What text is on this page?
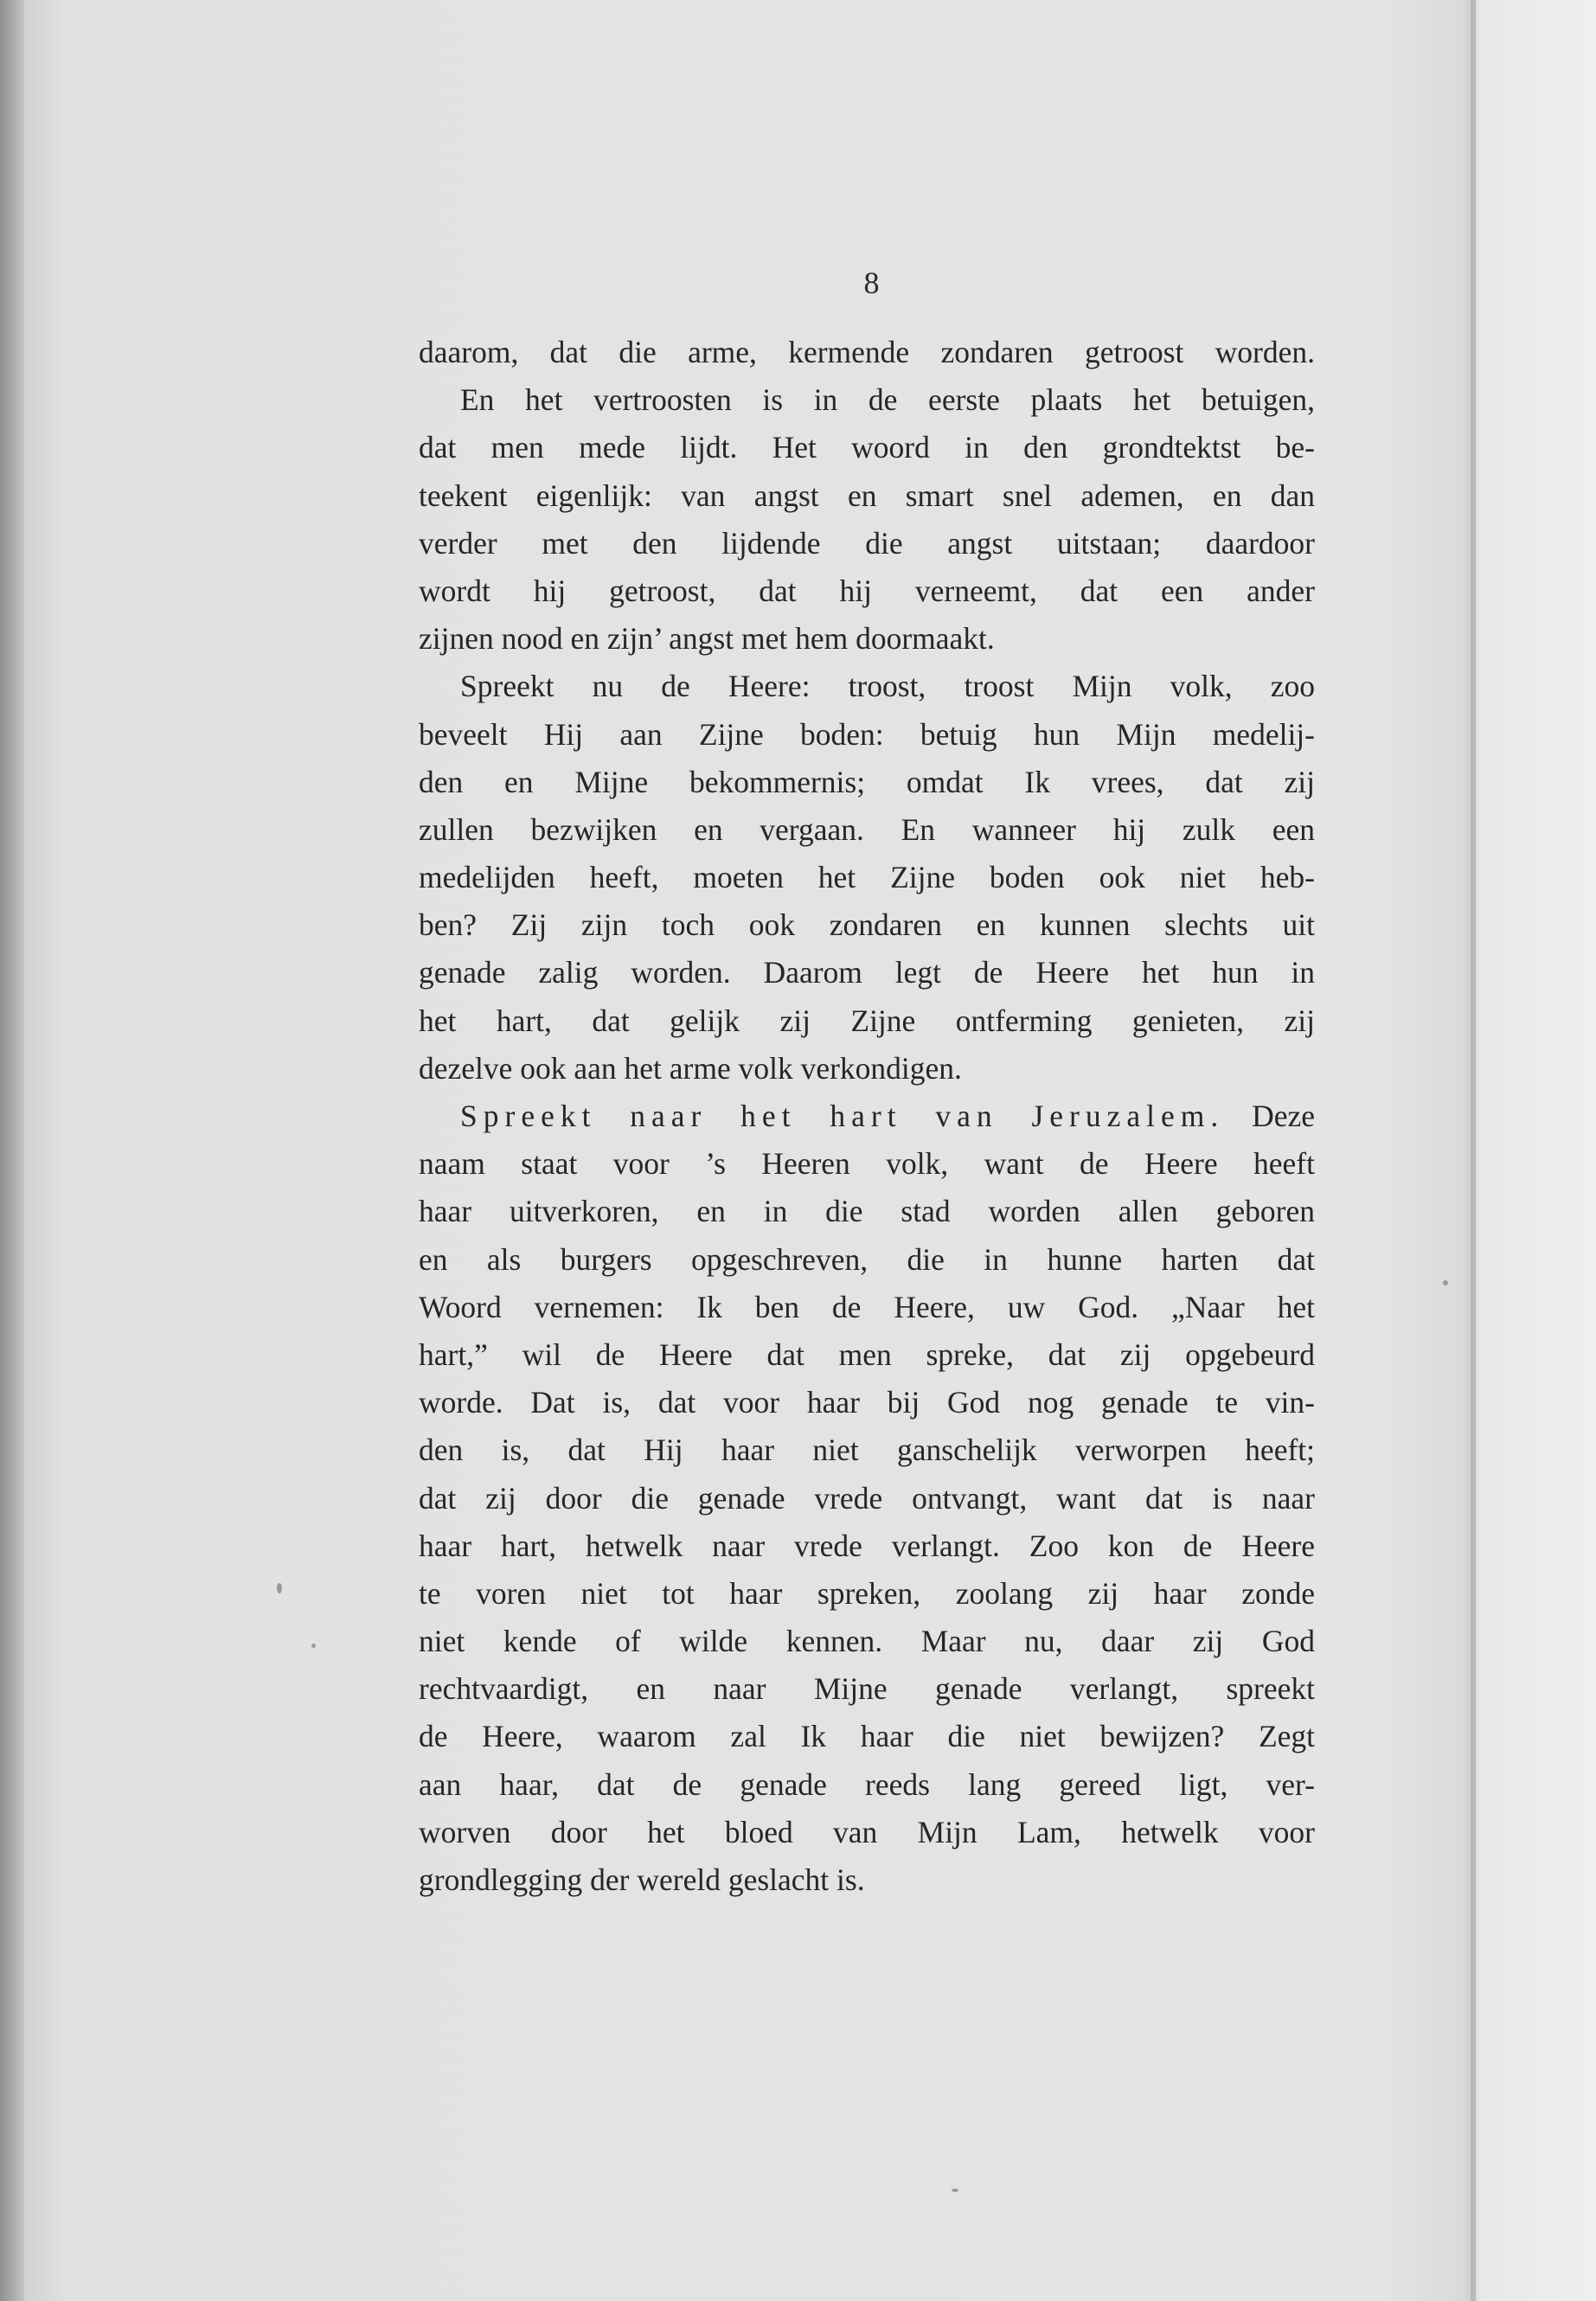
8
daarom, dat die arme, kermende zondaren getroost worden.
En het vertroosten is in de eerste plaats het betuigen,
dat men mede lijdt. Het woord in den grondtektst be-
teekent eigenlijk: van angst en smart snel ademen, en dan
verder met den lijdende die angst uitstaan; daardoor
wordt hij getroost, dat hij verneemt, dat een ander
zijnen nood en zijn’ angst met hem doormaakt.
Spreekt nu de Heere: troost, troost Mijn volk, zoo
beveelt Hij aan Zijne boden: betuig hun Mijn medelij-
den en Mijne bekommernis; omdat Ik vrees, dat zij
zullen bezwijken en vergaan. En wanneer hij zulk een
medelijden heeft, moeten het Zijne boden ook niet heb-
ben? Zij zijn toch ook zondaren en kunnen slechts uit
genade zalig worden. Daarom legt de Heere het hun in
het hart, dat gelijk zij Zijne ontferming genieten, zij
dezelve ook aan het arme volk verkondigen.
Spreekt naar het hart van Jeruzalem. Deze
naam staat voor ’s Heeren volk, want de Heere heeft
haar uitverkoren, en in die stad worden allen geboren
en als burgers opgeschreven, die in hunne harten dat
Woord vernemen: Ik ben de Heere, uw God. „Naar het
hart,” wil de Heere dat men spreke, dat zij opgebeurd
worde. Dat is, dat voor haar bij God nog genade te vin-
den is, dat Hij haar niet ganschelijk verworpen heeft;
dat zij door die genade vrede ontvangt, want dat is naar
haar hart, hetwelk naar vrede verlangt. Zoo kon de Heere
te voren niet tot haar spreken, zoolang zij haar zonde
niet kende of wilde kennen. Maar nu, daar zij God
rechtvaardigt, en naar Mijne genade verlangt, spreekt
de Heere, waarom zal Ik haar die niet bewijzen? Zegt
aan haar, dat de genade reeds lang gereed ligt, ver-
worven door het bloed van Mijn Lam, hetwelk voor
grondlegging der wereld geslacht is.
